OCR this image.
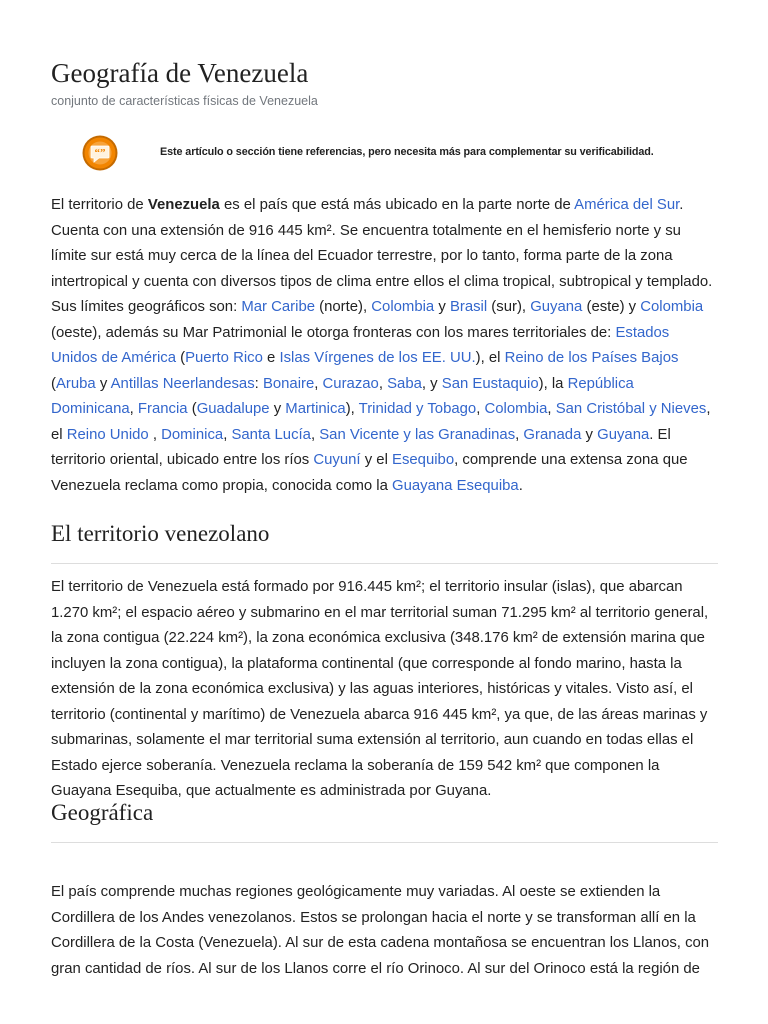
Geografía de Venezuela
conjunto de características físicas de Venezuela
“”	Este artículo o sección tiene referencias, pero necesita más para complementar su verificabilidad.

El territorio de Venezuela es el país que está más ubicado en la parte norte de América del Sur. Cuenta con una extensión de 916 445 km². Se encuentra totalmente en el hemisferio norte y su límite sur está muy cerca de la línea del Ecuador terrestre, por lo tanto, forma parte de la zona intertropical y cuenta con diversos tipos de clima entre ellos el clima tropical, subtropical y templado. Sus límites geográficos son: Mar Caribe (norte), Colombia y Brasil (sur), Guyana (este) y Colombia (oeste), además su Mar Patrimonial le otorga fronteras con los mares territoriales de: Estados Unidos de América (Puerto Rico e Islas Vírgenes de los EE. UU.), el Reino de los Países Bajos (Aruba y Antillas Neerlandesas: Bonaire, Curazao, Saba, y San Eustaquio), la República Dominicana, Francia (Guadalupe y Martinica), Trinidad y Tobago, Colombia, San Cristóbal y Nieves, el Reino Unido , Dominica, Santa Lucía, San Vicente y las Granadinas, Granada y Guyana. El territorio oriental, ubicado entre los ríos Cuyuní y el Esequibo, comprende una extensa zona que Venezuela reclama como propia, conocida como la Guayana Esequiba.

El territorio venezolano

El territorio de Venezuela está formado por 916.445 km²; el territorio insular (islas), que abarcan 1.270 km²; el espacio aéreo y submarino en el mar territorial suman 71.295 km² al territorio general, la zona contigua (22.224 km²), la zona económica exclusiva (348.176 km² de extensión marina que incluyen la zona contigua), la plataforma continental (que corresponde al fondo marino, hasta la extensión de la zona económica exclusiva) y las aguas interiores, históricas y vitales. Visto así, el territorio (continental y marítimo) de Venezuela abarca 916 445 km², ya que, de las áreas marinas y submarinas, solamente el mar territorial suma extensión al territorio, aun cuando en todas ellas el Estado ejerce soberanía. Venezuela reclama la soberanía de 159 542 km² que componen la Guayana Esequiba, que actualmente es administrada por Guyana.

Geográfica

El país comprende muchas regiones geológicamente muy variadas. Al oeste se extienden la Cordillera de los Andes venezolanos. Estos se prolongan hacia el norte y se transforman allí en la Cordillera de la Costa (Venezuela). Al sur de esta cadena montañosa se encuentran los Llanos, con gran cantidad de ríos. Al sur de los Llanos corre el río Orinoco. Al sur del Orinoco está la región de
